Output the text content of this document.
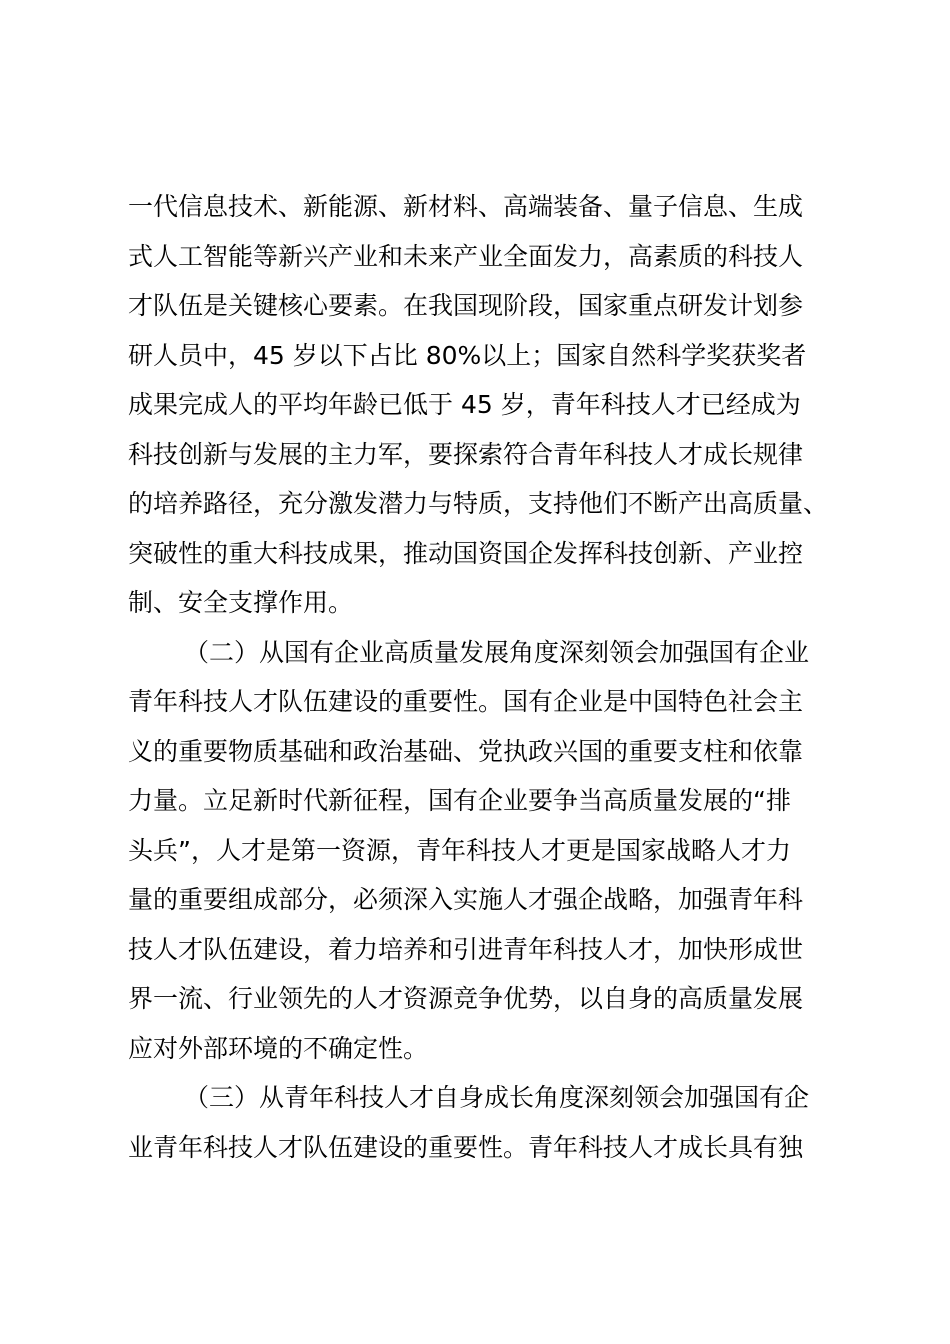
一代信息技术、新能源、新材料、高端装备、量子信息、生成
式人工智能等新兴产业和未来产业全面发力，高素质的科技人
才队伍是关键核心要素。在我国现阶段，国家重点研发计划参
研人员中，45 岁以下占比 80%以上；国家自然科学奖获奖者
成果完成人的平均年龄已低于 45 岁，青年科技人才已经成为
科技创新与发展的主力军，要探索符合青年科技人才成长规律
的培养路径，充分激发潜力与特质，支持他们不断产出高质量、
突破性的重大科技成果，推动国资国企发挥科技创新、产业控
制、安全支撑作用。
（二）从国有企业高质量发展角度深刻领会加强国有企业
青年科技人才队伍建设的重要性。国有企业是中国特色社会主
义的重要物质基础和政治基础、党执政兴国的重要支柱和依靠
力量。立足新时代新征程，国有企业要争当高质量发展的“排
头兵”，人才是第一资源，青年科技人才更是国家战略人才力
量的重要组成部分，必须深入实施人才强企战略，加强青年科
技人才队伍建设，着力培养和引进青年科技人才，加快形成世
界一流、行业领先的人才资源竞争优势，以自身的高质量发展
应对外部环境的不确定性。
（三）从青年科技人才自身成长角度深刻领会加强国有企
业青年科技人才队伍建设的重要性。青年科技人才成长具有独
